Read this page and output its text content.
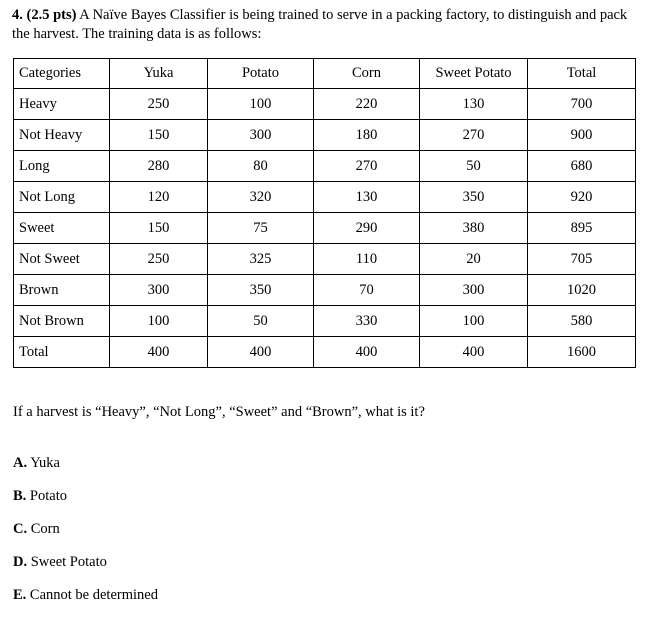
4. (2.5 pts) A Naïve Bayes Classifier is being trained to serve in a packing factory, to distinguish and pack the harvest. The training data is as follows:
Categories	Yuka	Potato	Corn	Sweet Potato	Total
Heavy	250	100	220	130	700
Not Heavy	150	300	180	270	900
Long	280	80	270	50	680
Not Long	120	320	130	350	920
Sweet	150	75	290	380	895
Not Sweet	250	325	110	20	705
Brown	300	350	70	300	1020
Not Brown	100	50	330	100	580
Total	400	400	400	400	1600
If a harvest is “Heavy”, “Not Long”, “Sweet” and “Brown”, what is it?
A. Yuka
B. Potato
C. Corn
D. Sweet Potato
E. Cannot be determined
